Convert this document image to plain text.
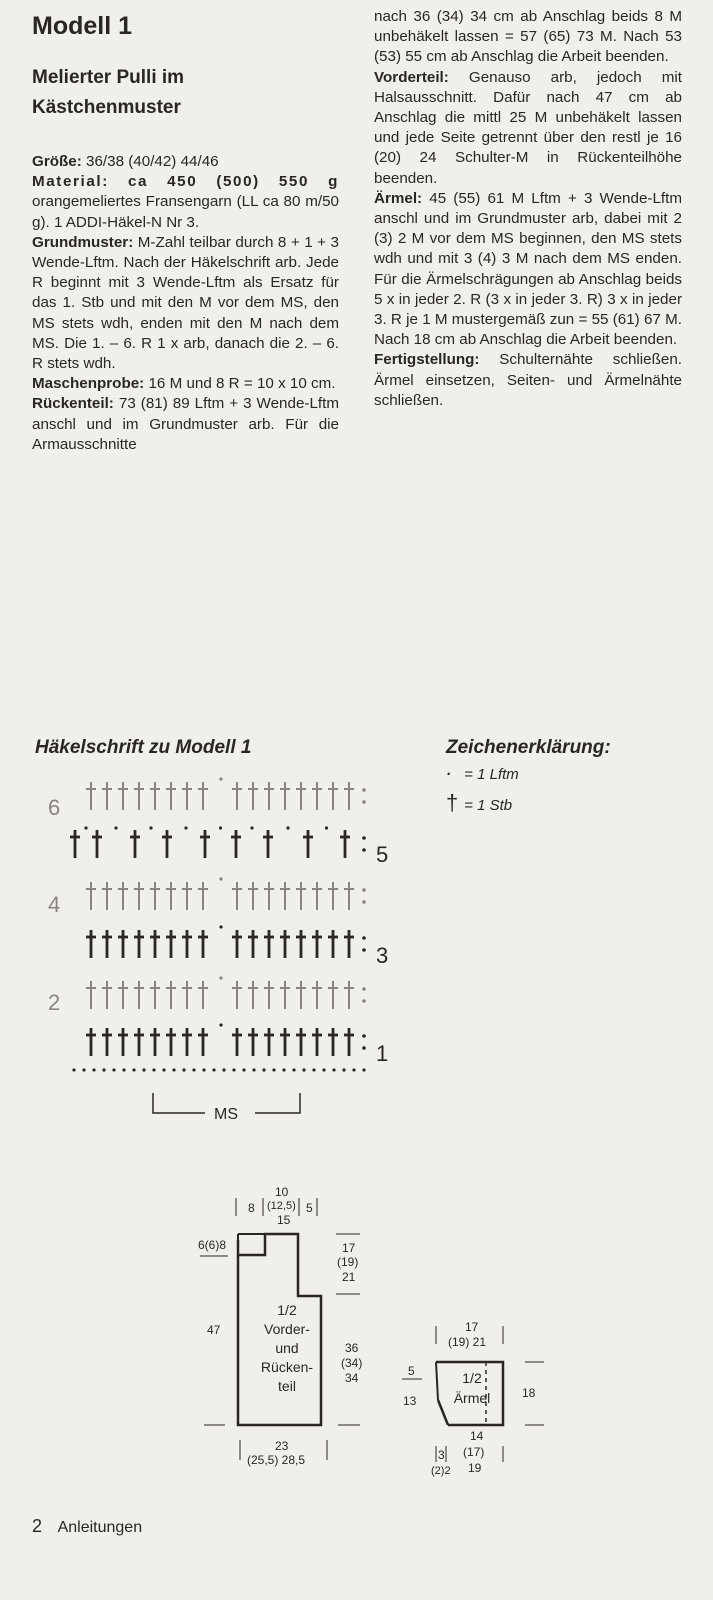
Modell 1
Melierter Pulli im
Kästchenmuster

Größe: 36/38 (40/42) 44/46

Material: ca 450 (500) 550 g orangemeliertes Fransengarn (LL ca 80 m/50 g). 1 ADDI-Häkel-N Nr 3.

Grundmuster: M-Zahl teilbar durch 8 + 1 + 3 Wende-Lftm. Nach der Häkelschrift arb. Jede R beginnt mit 3 Wende-Lftm als Ersatz für das 1. Stb und mit den M vor dem MS, den MS stets wdh, enden mit den M nach dem MS. Die 1. – 6. R 1 x arb, danach die 2. – 6. R stets wdh.

Maschenprobe: 16 M und 8 R = 10 x 10 cm.

Rückenteil: 73 (81) 89 Lftm + 3 Wende-Lftm anschl und im Grundmuster arb. Für die Armausschnitte

nach 36 (34) 34 cm ab Anschlag beids 8 M unbehäkelt lassen = 57 (65) 73 M. Nach 53 (53) 55 cm ab Anschlag die Arbeit beenden.

Vorderteil: Genauso arb, jedoch mit Halsausschnitt. Dafür nach 47 cm ab Anschlag die mittl 25 M unbehäkelt lassen und jede Seite getrennt über den restl je 16 (20) 24 Schulter-M in Rückenteilhöhe beenden.

Ärmel: 45 (55) 61 M Lftm + 3 Wende-Lftm anschl und im Grundmuster arb, dabei mit 2 (3) 2 M vor dem MS beginnen, den MS stets wdh und mit 3 (4) 3 M nach dem MS enden. Für die Ärmelschrägungen ab Anschlag beids 5 x in jeder 2. R (3 x in jeder 3. R) 3 x in jeder 3. R je 1 M mustergemäß zun = 55 (61) 67 M. Nach 18 cm ab Anschlag die Arbeit beenden.

Fertigstellung: Schulternähte schließen. Ärmel einsetzen, Seiten- und Ärmelnähte schließen.

Häkelschrift zu Modell 1	Zeichenerklärung:
· = 1 Lftm
† = 1 Stb
6
5
4
3
2
1
MS
10
8 (12,5)
15
5
6(6)8	17
(19)
21
47
36
(34)
34
1/2
Vorder-
und
Rücken-
teil
23
(25,5) 28,5
17
(19) 21
18
5
13
1/2
Ärmel
14
3 (17)
(2)2 19
2 Anleitungen
